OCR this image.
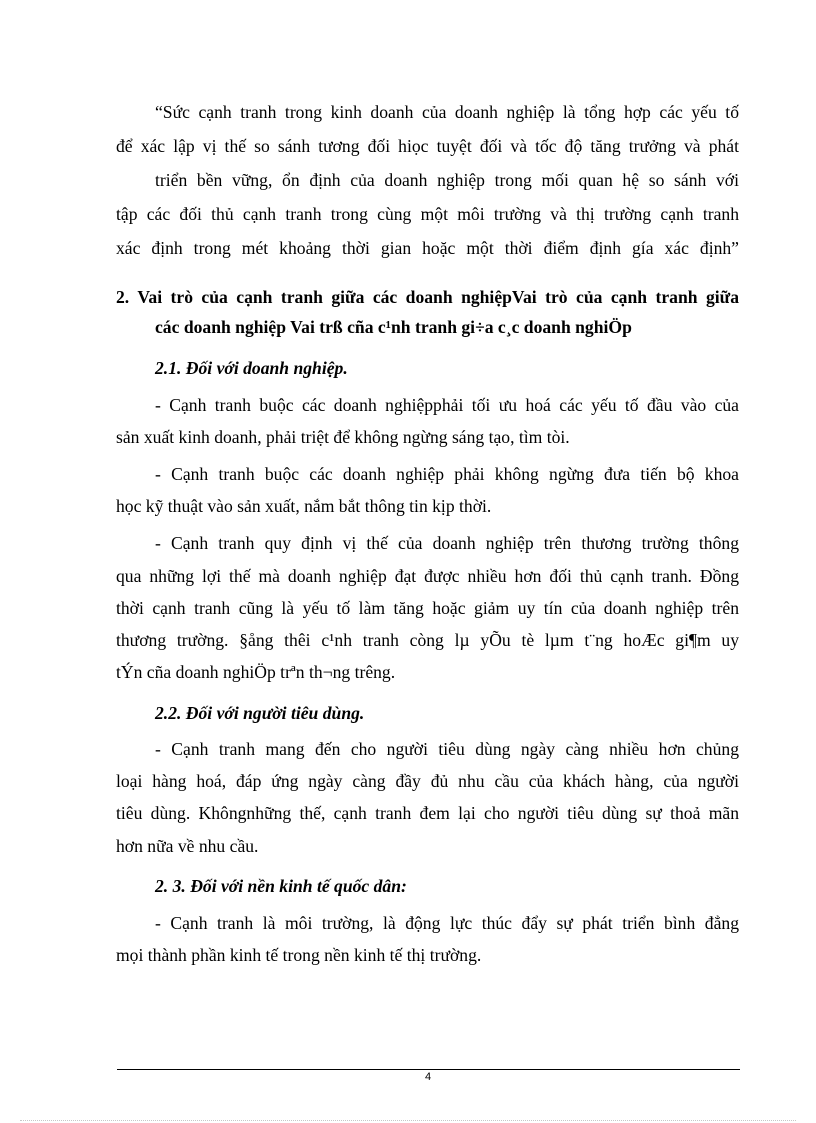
“Sức cạnh tranh trong kinh doanh của doanh nghiệp là tổng hợp các yếu tố
để xác lập vị thế so sánh tương đối hiọc tuyệt đối và tốc độ tăng trưởng và phát
triển bền vững, ổn định của doanh nghiệp trong mối quan hệ so sánh với
tập các đối thủ cạnh tranh trong cùng một môi trường và thị trường cạnh tranh
xác định trong mét khoảng thời gian hoặc một thời điểm định gía xác định”
2. Vai trò của cạnh tranh giữa các doanh nghiệpVai trò của cạnh tranh giữa
các doanh nghiệp Vai trß cña c¹nh tranh gi÷a c¸c doanh nghiÖp
2.1. Đối với doanh nghiệp.
- Cạnh tranh buộc các doanh nghiệpphải tối ưu hoá các yếu tố đầu vào của
sản xuất kinh doanh, phải triệt để không ngừng sáng tạo, tìm tòi.
- Cạnh tranh buộc các doanh nghiệp phải không ngừng đưa tiến bộ khoa
học kỹ thuật vào sản xuất, nắm bắt thông tin kịp thời.
- Cạnh tranh quy định vị thế của doanh nghiệp trên thương trường thông
qua những lợi thế mà doanh nghiệp đạt được nhiều hơn đối thủ cạnh tranh. Đồng
thời cạnh tranh cũng là yếu tố làm tăng hoặc giảm uy tín của doanh nghiệp trên
thương trường. §ång thêi c¹nh tranh còng lµ yÕu tè lµm t¨ng hoÆc gi¶m uy
tÝn cña doanh nghiÖp trªn th¬ng trêng.
2.2. Đối với người tiêu dùng.
- Cạnh tranh mang đến cho người tiêu dùng ngày càng nhiều hơn chủng
loại hàng hoá, đáp ứng ngày càng đầy đủ nhu cầu của khách hàng, của người
tiêu dùng. Khôngnhững thế, cạnh tranh đem lại cho người tiêu dùng sự thoả mãn
hơn nữa về nhu cầu.
2. 3. Đối với nền kinh tế quốc dân:
- Cạnh tranh là môi trường, là động lực thúc đẩy sự phát triển bình đẳng
mọi thành phần kinh tế trong nền kinh tế thị trường.
4
